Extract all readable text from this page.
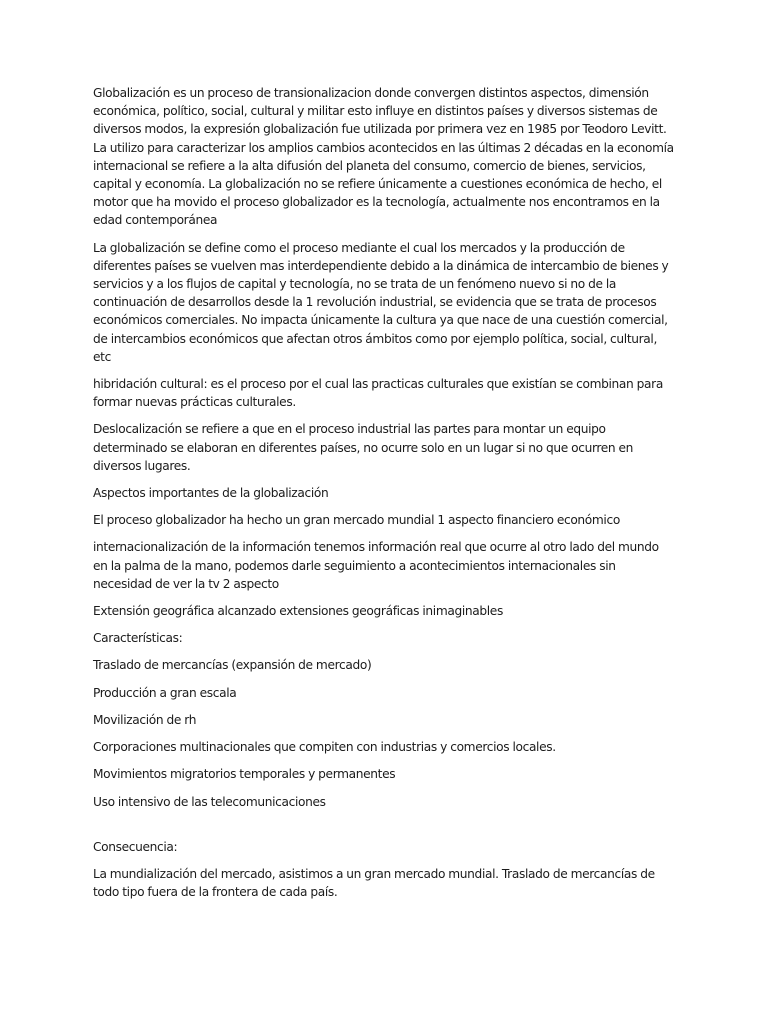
Globalización es un proceso de transionalizacion donde convergen distintos aspectos, dimensión económica, político, social, cultural y militar esto influye en distintos países y diversos sistemas de diversos modos, la expresión globalización fue utilizada por primera vez en 1985 por Teodoro Levitt. La utilizo para caracterizar los amplios cambios acontecidos en las últimas 2 décadas en la economía internacional se refiere a la alta difusión del planeta del consumo, comercio de bienes, servicios, capital y economía. La globalización no se refiere únicamente a cuestiones económica de hecho, el motor que ha movido el proceso globalizador es la tecnología, actualmente nos encontramos en la edad contemporánea

La globalización se define como el proceso mediante el cual los mercados y la producción de diferentes países se vuelven mas interdependiente debido a la dinámica de intercambio de bienes y servicios y a los flujos de capital y tecnología, no se trata de un fenómeno nuevo si no de la continuación de desarrollos desde la 1 revolución industrial, se evidencia que se trata de procesos económicos comerciales. No impacta únicamente la cultura ya que nace de una cuestión comercial, de intercambios económicos que afectan otros ámbitos como por ejemplo política, social, cultural, etc

hibridación cultural: es el proceso por el cual las practicas culturales que existían se combinan para formar nuevas prácticas culturales.

Deslocalización se refiere a que en el proceso industrial las partes para montar un equipo determinado se elaboran en diferentes países, no ocurre solo en un lugar si no que ocurren en diversos lugares.

Aspectos importantes de la globalización

El proceso globalizador ha hecho un gran mercado mundial 1 aspecto financiero económico

internacionalización de la información tenemos información real que ocurre al otro lado del mundo en la palma de la mano, podemos darle seguimiento a acontecimientos internacionales sin necesidad de ver la tv 2 aspecto

Extensión geográfica alcanzado extensiones geográficas inimaginables

Características:

Traslado de mercancías (expansión de mercado)

Producción a gran escala

Movilización de rh

Corporaciones multinacionales que compiten con industrias y comercios locales.

Movimientos migratorios temporales y permanentes

Uso intensivo de las telecomunicaciones

Consecuencia:

La mundialización del mercado, asistimos a un gran mercado mundial. Traslado de mercancías de todo tipo fuera de la frontera de cada país.
